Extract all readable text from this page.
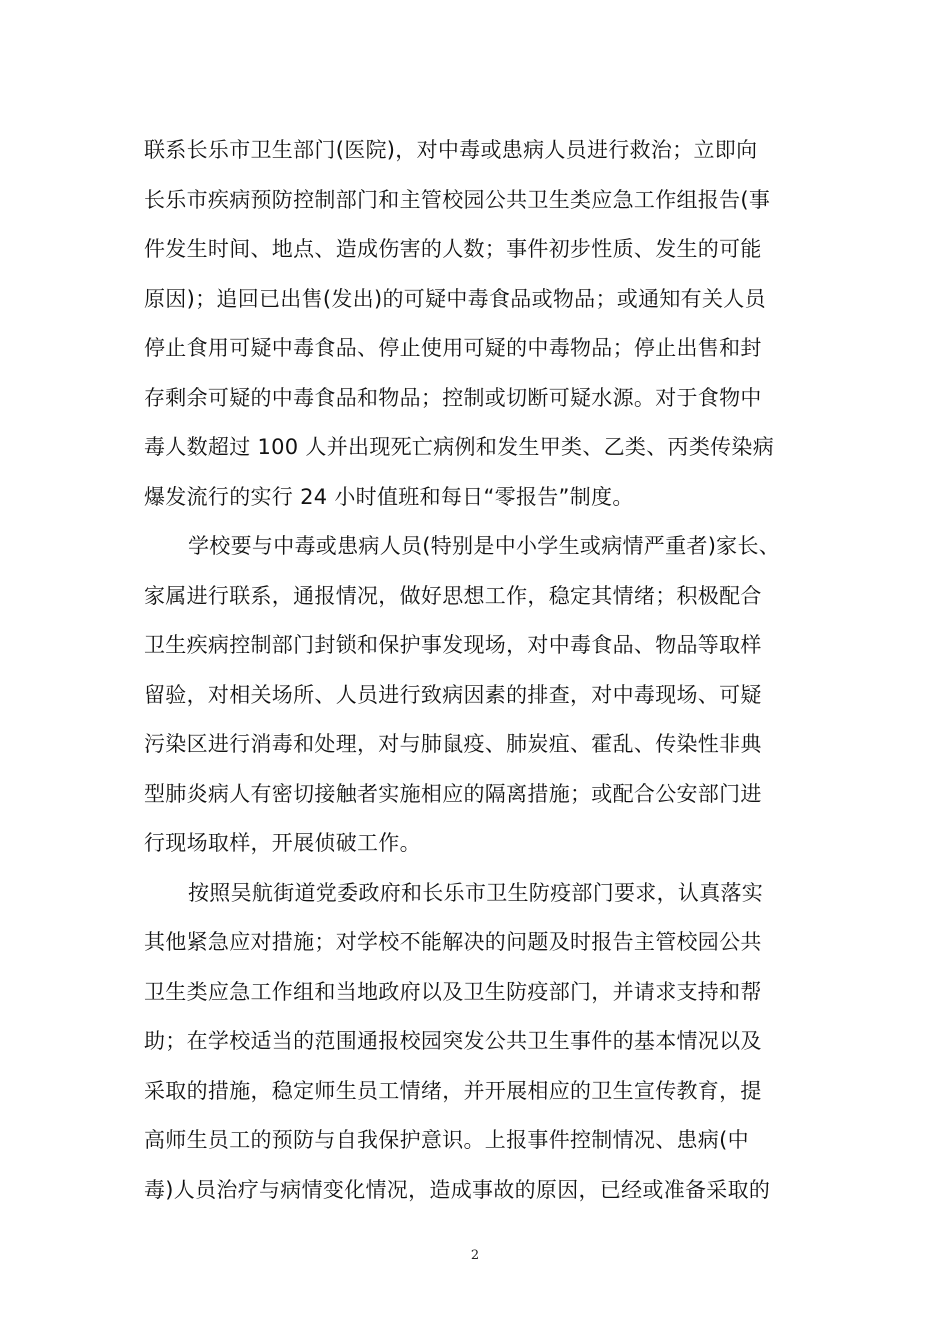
联系长乐市卫生部门(医院)，对中毒或患病人员进行救治；立即向
长乐市疾病预防控制部门和主管校园公共卫生类应急工作组报告(事
件发生时间、地点、造成伤害的人数；事件初步性质、发生的可能
原因)；追回已出售(发出)的可疑中毒食品或物品；或通知有关人员
停止食用可疑中毒食品、停止使用可疑的中毒物品；停止出售和封
存剩余可疑的中毒食品和物品；控制或切断可疑水源。对于食物中
毒人数超过 100 人并出现死亡病例和发生甲类、乙类、丙类传染病
爆发流行的实行 24 小时值班和每日“零报告”制度。
学校要与中毒或患病人员(特别是中小学生或病情严重者)家长、
家属进行联系，通报情况，做好思想工作，稳定其情绪；积极配合
卫生疾病控制部门封锁和保护事发现场，对中毒食品、物品等取样
留验，对相关场所、人员进行致病因素的排查，对中毒现场、可疑
污染区进行消毒和处理，对与肺鼠疫、肺炭疽、霍乱、传染性非典
型肺炎病人有密切接触者实施相应的隔离措施；或配合公安部门进
行现场取样，开展侦破工作。
按照吴航街道党委政府和长乐市卫生防疫部门要求，认真落实
其他紧急应对措施；对学校不能解决的问题及时报告主管校园公共
卫生类应急工作组和当地政府以及卫生防疫部门，并请求支持和帮
助；在学校适当的范围通报校园突发公共卫生事件的基本情况以及
采取的措施，稳定师生员工情绪，并开展相应的卫生宣传教育，提
高师生员工的预防与自我保护意识。上报事件控制情况、患病(中
毒)人员治疗与病情变化情况，造成事故的原因，已经或准备采取的
2
